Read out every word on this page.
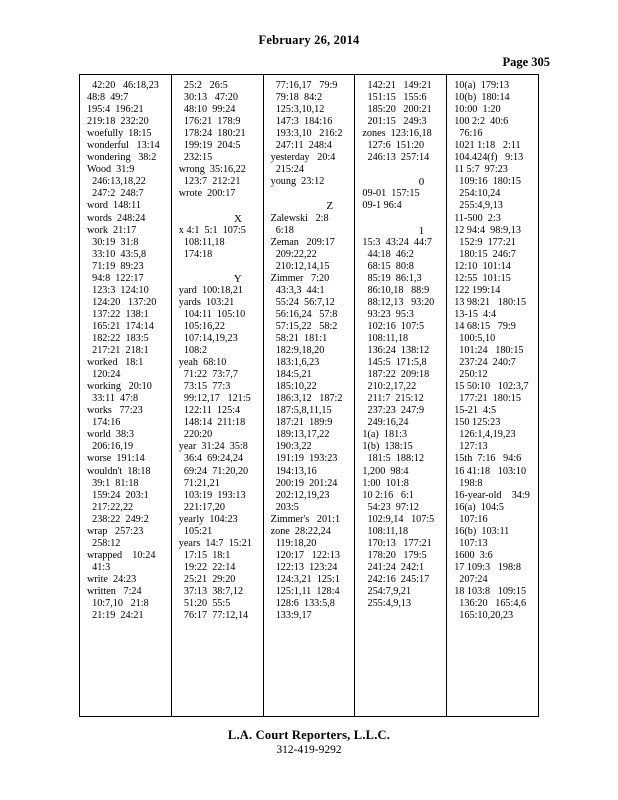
February 26, 2014
Page 305
42:20   46:18,23
48:8  49:7
195:4  196:21
219:18  232:20
woefully  18:15
wonderful   13:14
wondering   38:2
Wood  31:9
246:13,18,22
247:2  248:7
word  148:11
words  248:24
work  21:17
30:19  31:8
33:10  43:5,8
71:19  89:23
94:8  122:17
123:3  124:10
124:20   137:20
137:22  138:1
165:21  174:14
182:22  183:5
217:21  218:1
worked   18:1
120:24
working   20:10
33:11  47:8
works   77:23
174:16
world  38:3
206:16,19
worse  191:14
wouldn't  18:18
39:1  81:18
159:24  203:1
217:22,22
238:22  249:2
wrap   257:23
258:12
wrapped    10:24
41:3
write  24:23
written   7:24
10:7,10   21:8
21:19  24:21
25:2   26:5
30:13   47:20
48:10  99:24
176:21  178:9
178:24  180:21
199:19  204:5
232:15
wrong  35:16,22
123:7  212:21
wrote  200:17
X
x 4:1  5:1  107:5
108:11,18
174:18
Y
yard  100:18,21
yards  103:21
104:11  105:10
105:16,22
107:14,19,23
108:2
yeah  68:10
71:22  73:7,7
73:15  77:3
99:12,17   121:5
122:11  125:4
148:14  211:18
220:20
year  31:24  35:8
36:4  69:24,24
69:24  71:20,20
71:21,21
103:19  193:13
221:17,20
yearly  104:23
105:21
years  14:7  15:21
17:15  18:1
19:22  22:14
25:21  29:20
37:13  38:7,12
51:20  55:5
76:17  77:12,14
77:16,17   79:9
79:18  84:2
125:3,10,12
147:3  184:16
193:3,10   216:2
247:11  248:4
yesterday   20:4
215:24
young  23:12
Z
Zalewski   2:8
6:18
Zeman   209:17
209:22,22
210:12,14,15
Zimmer   7:20
43:3,3  44:1
55:24  56:7,12
56:16,24   57:8
57:15,22   58:2
58:21  181:1
182:9,18,20
183:1,6,23
184:5,21
185:10,22
186:3,12   187:2
187:5,8,11,15
187:21  189:9
189:13,17,22
190:3,22
191:19  193:23
194:13,16
200:19  201:24
202:12,19,23
203:5
Zimmer's   201:1
zone  28:22,24
119:18,20
120:17   122:13
122:13  123:24
124:3,21  125:1
125:1,11  128:4
128:6  133:5,8
133:9,17
142:21   149:21
151:15   155:6
185:20   200:21
201:15   249:3
zones  123:16,18
127:6  151:20
246:13  257:14
0
09-01  157:15
09-1 96:4
1
15:3  43:24  44:7
44:18  46:2
68:15  80:8
85:19  86:1,3
86:10,18   88:9
88:12,13   93:20
93:23  95:3
102:16  107:5
108:11,18
136:24  138:12
145:5  171:5,8
187:22  209:18
210:2,17,22
211:7  215:12
237:23  247:9
249:16,24
1(a)  181:3
1(b)  138:15
181:5  188:12
1,200  98:4
1:00  101:8
10 2:16   6:1
54:23  97:12
102:9,14   107:5
108:11,18
170:13   177:21
178:20   179:5
241:24  242:1
242:16  245:17
254:7,9,21
255:4,9,13
10(a)  179:13
10(b)  180:14
10:00  1:20
100 2:2  40:6
76:16
1021 1:18   2:11
104.424(f)   9:13
11 5:7  97:23
109:16  180:15
254:10,24
255:4,9,13
11-500  2:3
12 94:4  98:9,13
152:9  177:21
180:15  246:7
12:10  101:14
12:55  101:15
122 199:14
13 98:21   180:15
13-15  4:4
14 68:15   79:9
100:5,10
101:24   180:15
237:24  240:7
250:12
15 50:10   102:3,7
177:21  180:15
15-21  4:5
150 125:23
126:1,4,19,23
127:13
15th  7:16   94:6
16 41:18   103:10
198:8
16-year-old    34:9
16(a)  104:5
107:16
16(b)  103:11
107:13
1600  3:6
17 109:3   198:8
207:24
18 103:8   109:15
136:20   165:4,6
165:10,20,23
L.A. Court Reporters, L.L.C.
312-419-9292
